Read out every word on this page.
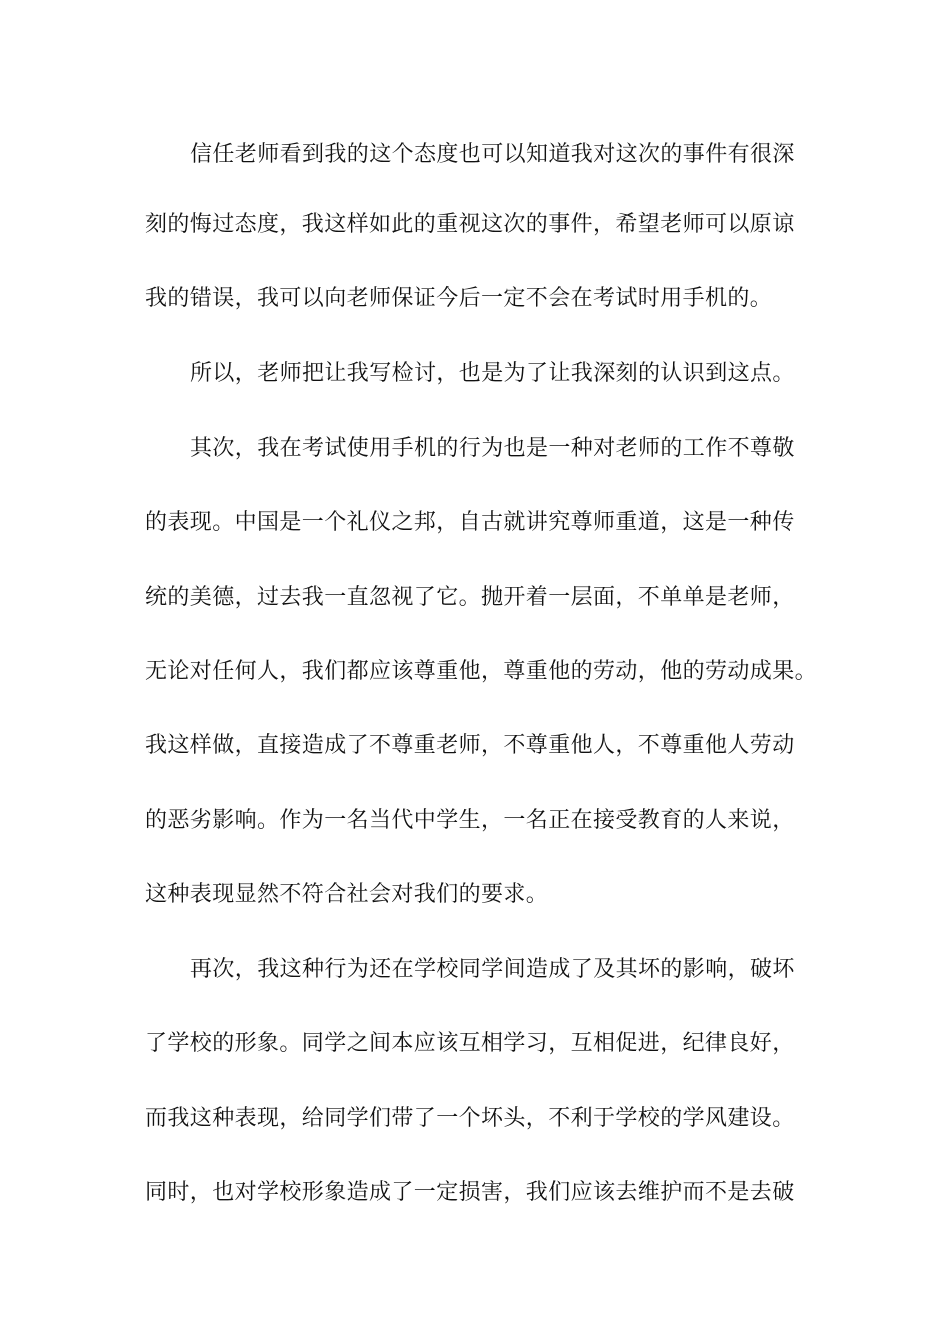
信任老师看到我的这个态度也可以知道我对这次的事件有很深
刻的悔过态度，我这样如此的重视这次的事件，希望老师可以原谅
我的错误，我可以向老师保证今后一定不会在考试时用手机的。
所以，老师把让我写检讨，也是为了让我深刻的认识到这点。
其次，我在考试使用手机的行为也是一种对老师的工作不尊敬
的表现。中国是一个礼仪之邦，自古就讲究尊师重道，这是一种传
统的美德，过去我一直忽视了它。抛开着一层面，不单单是老师，
无论对任何人，我们都应该尊重他，尊重他的劳动，他的劳动成果。
我这样做，直接造成了不尊重老师，不尊重他人，不尊重他人劳动
的恶劣影响。作为一名当代中学生，一名正在接受教育的人来说，
这种表现显然不符合社会对我们的要求。
再次，我这种行为还在学校同学间造成了及其坏的影响，破坏
了学校的形象。同学之间本应该互相学习，互相促进，纪律良好，
而我这种表现，给同学们带了一个坏头，不利于学校的学风建设。
同时，也对学校形象造成了一定损害，我们应该去维护而不是去破
